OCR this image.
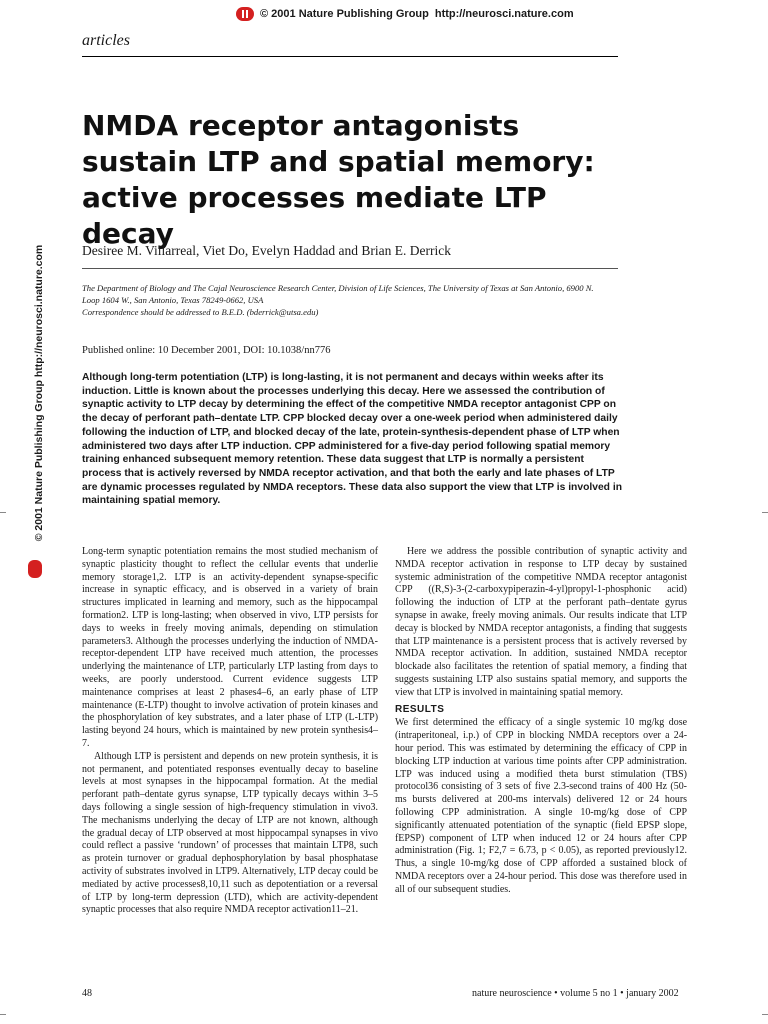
© 2001 Nature Publishing Group http://neurosci.nature.com
articles
NMDA receptor antagonists sustain LTP and spatial memory: active processes mediate LTP decay
Desiree M. Villarreal, Viet Do, Evelyn Haddad and Brian E. Derrick
The Department of Biology and The Cajal Neuroscience Research Center, Division of Life Sciences, The University of Texas at San Antonio, 6900 N. Loop 1604 W., San Antonio, Texas 78249-0662, USA
Correspondence should be addressed to B.E.D. (bderrick@utsa.edu)
Published online: 10 December 2001, DOI: 10.1038/nn776
Although long-term potentiation (LTP) is long-lasting, it is not permanent and decays within weeks after its induction. Little is known about the processes underlying this decay. Here we assessed the contribution of synaptic activity to LTP decay by determining the effect of the competitive NMDA receptor antagonist CPP on the decay of perforant path–dentate LTP. CPP blocked decay over a one-week period when administered daily following the induction of LTP, and blocked decay of the late, protein-synthesis-dependent phase of LTP when administered two days after LTP induction. CPP administered for a five-day period following spatial memory training enhanced subsequent memory retention. These data suggest that LTP is normally a persistent process that is actively reversed by NMDA receptor activation, and that both the early and late phases of LTP are dynamic processes regulated by NMDA receptors. These data also support the view that LTP is involved in maintaining spatial memory.
© 2001 Nature Publishing Group http://neurosci.nature.com

Long-term synaptic potentiation remains the most studied mechanism of synaptic plasticity thought to reflect the cellular events that underlie memory storage1,2. LTP is an activity-dependent synapse-specific increase in synaptic efficacy, and is observed in a variety of brain structures implicated in learning and memory, such as the hippocampal formation2. LTP is long-lasting; when observed in vivo, LTP persists for days to weeks in freely moving animals, depending on stimulation parameters3. Although the processes underlying the induction of NMDA-receptor-dependent LTP have received much attention, the processes underlying the maintenance of LTP, particularly LTP lasting from days to weeks, are poorly understood. Current evidence suggests LTP maintenance comprises at least 2 phases4–6, an early phase of LTP maintenance (E-LTP) thought to involve activation of protein kinases and the phosphorylation of key substrates, and a later phase of LTP (L-LTP) lasting beyond 24 hours, which is maintained by new protein synthesis4–7.

Although LTP is persistent and depends on new protein synthesis, it is not permanent, and potentiated responses eventually decay to baseline levels at most synapses in the hippocampal formation. At the medial perforant path–dentate gyrus synapse, LTP typically decays within 3–5 days following a single session of high-frequency stimulation in vivo3. The mechanisms underlying the decay of LTP are not known, although the gradual decay of LTP observed at most hippocampal synapses in vivo could reflect a passive ‘rundown’ of processes that maintain LTP8, such as protein turnover or gradual dephosphorylation by basal phosphatase activity of substrates involved in LTP9. Alternatively, LTP decay could be mediated by active processes8,10,11 such as depotentiation or a reversal of LTP by long-term depression (LTD), which are activity-dependent synaptic processes that also require NMDA receptor activation11–21.

Here we address the possible contribution of synaptic activity and NMDA receptor activation in response to LTP decay by sustained systemic administration of the competitive NMDA receptor antagonist CPP ((R,S)-3-(2-carboxypiperazin-4-yl)propyl-1-phosphonic acid) following the induction of LTP at the perforant path–dentate gyrus synapse in awake, freely moving animals. Our results indicate that LTP decay is blocked by NMDA receptor antagonists, a finding that suggests that LTP maintenance is a persistent process that is actively reversed by NMDA receptor activation. In addition, sustained NMDA receptor blockade also facilitates the retention of spatial memory, a finding that suggests sustaining LTP also sustains spatial memory, and supports the view that LTP is involved in maintaining spatial memory.

RESULTS

We first determined the efficacy of a single systemic 10 mg/kg dose (intraperitoneal, i.p.) of CPP in blocking NMDA receptors over a 24-hour period. This was estimated by determining the efficacy of CPP in blocking LTP induction at various time points after CPP administration. LTP was induced using a modified theta burst stimulation (TBS) protocol36 consisting of 3 sets of five 2.3-second trains of 400 Hz (50-ms bursts delivered at 200-ms intervals) delivered 12 or 24 hours following CPP administration. A single 10-mg/kg dose of CPP significantly attenuated potentiation of the synaptic (field EPSP slope, fEPSP) component of LTP when induced 12 or 24 hours after CPP administration (Fig. 1; F2,7 = 6.73, p < 0.05), as reported previously12. Thus, a single 10-mg/kg dose of CPP afforded a sustained block of NMDA receptors over a 24-hour period. This dose was therefore used in all of our subsequent studies.

48	nature neuroscience • volume 5 no 1 • january 2002
